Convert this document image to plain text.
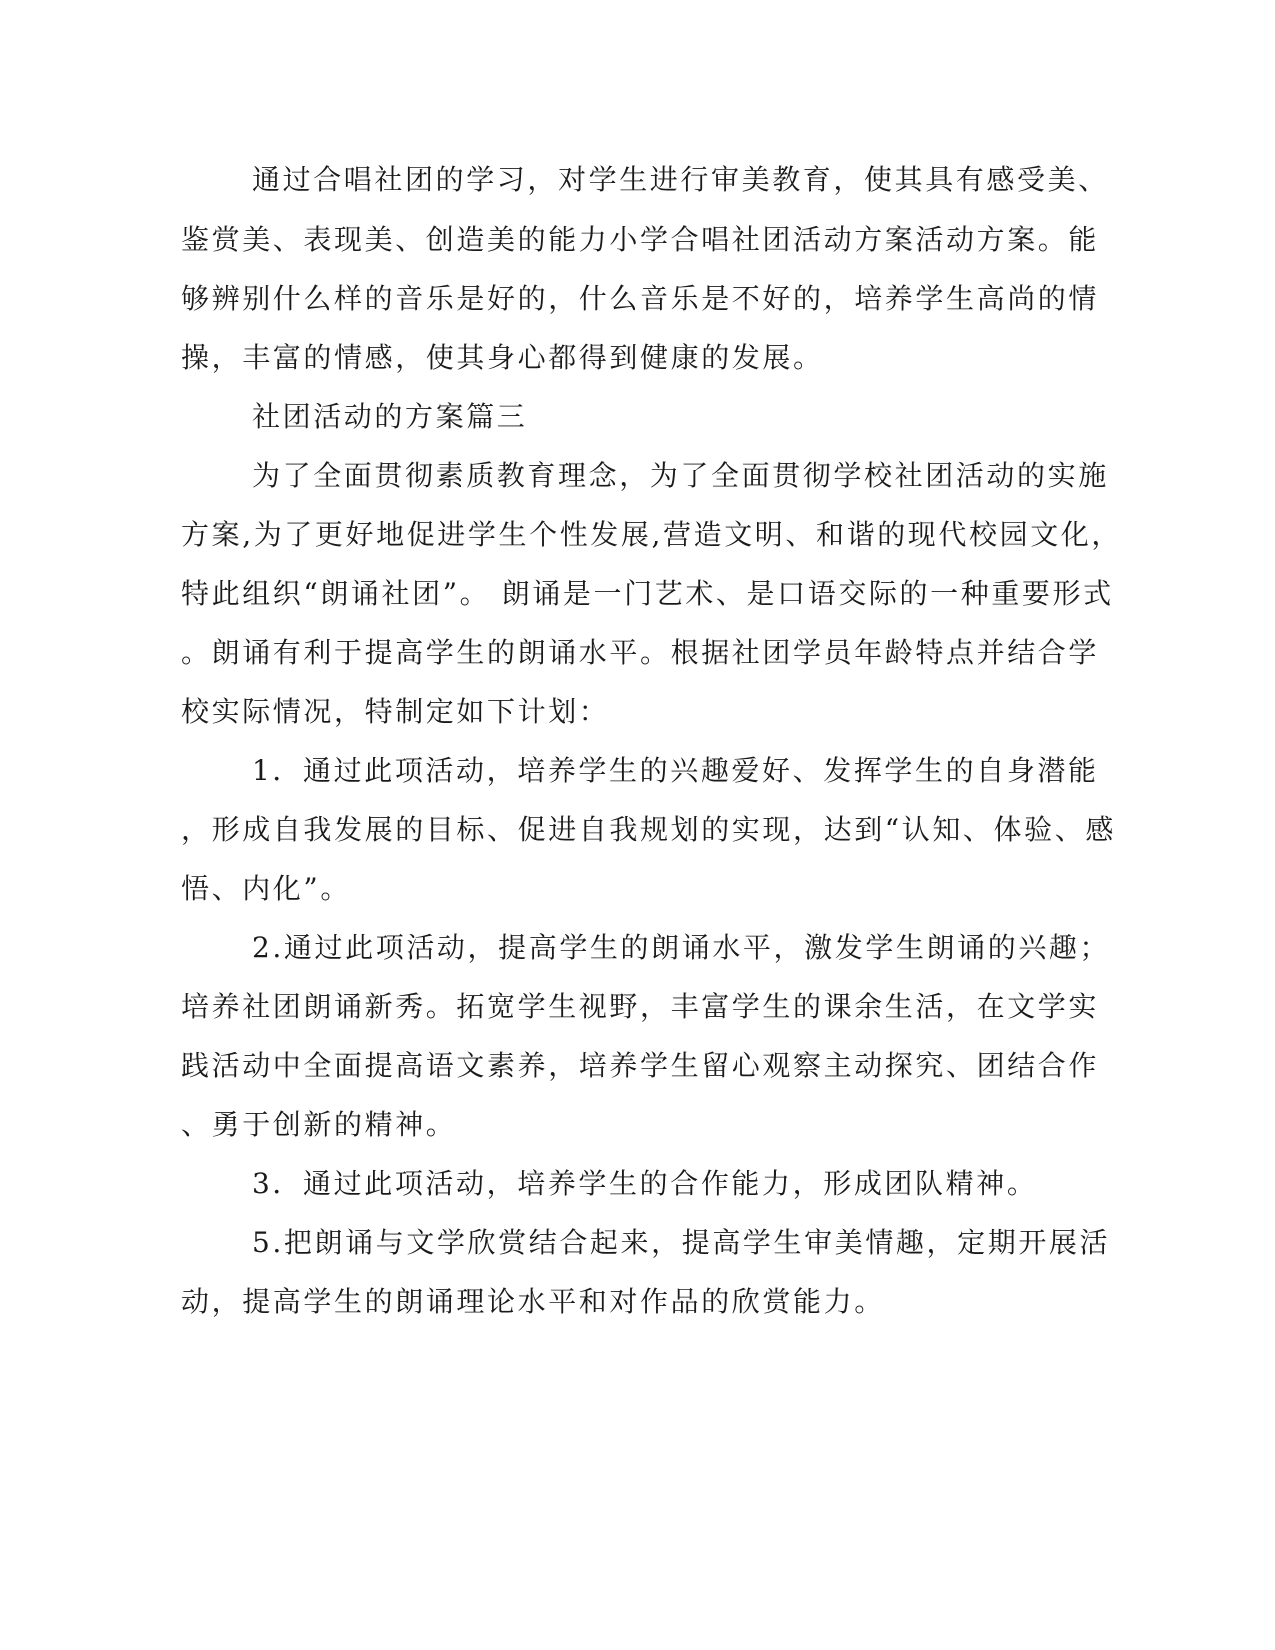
通过合唱社团的学习，对学生进行审美教育，使其具有感受美、
鉴赏美、表现美、创造美的能力小学合唱社团活动方案活动方案。能
够辨别什么样的音乐是好的，什么音乐是不好的，培养学生高尚的情
操，丰富的情感，使其身心都得到健康的发展。
社团活动的方案篇三
为了全面贯彻素质教育理念，为了全面贯彻学校社团活动的实施
方案,为了更好地促进学生个性发展,营造文明、和谐的现代校园文化，
特此组织“朗诵社团”。 朗诵是一门艺术、是口语交际的一种重要形式
。朗诵有利于提高学生的朗诵水平。根据社团学员年龄特点并结合学
校实际情况，特制定如下计划：
1．通过此项活动，培养学生的兴趣爱好、发挥学生的自身潜能
，形成自我发展的目标、促进自我规划的实现，达到“认知、体验、感
悟、内化”。
2.通过此项活动，提高学生的朗诵水平，激发学生朗诵的兴趣；
培养社团朗诵新秀。拓宽学生视野，丰富学生的课余生活，在文学实
践活动中全面提高语文素养，培养学生留心观察主动探究、团结合作
、勇于创新的精神。
3．通过此项活动，培养学生的合作能力，形成团队精神。
5.把朗诵与文学欣赏结合起来，提高学生审美情趣，定期开展活
动，提高学生的朗诵理论水平和对作品的欣赏能力。
